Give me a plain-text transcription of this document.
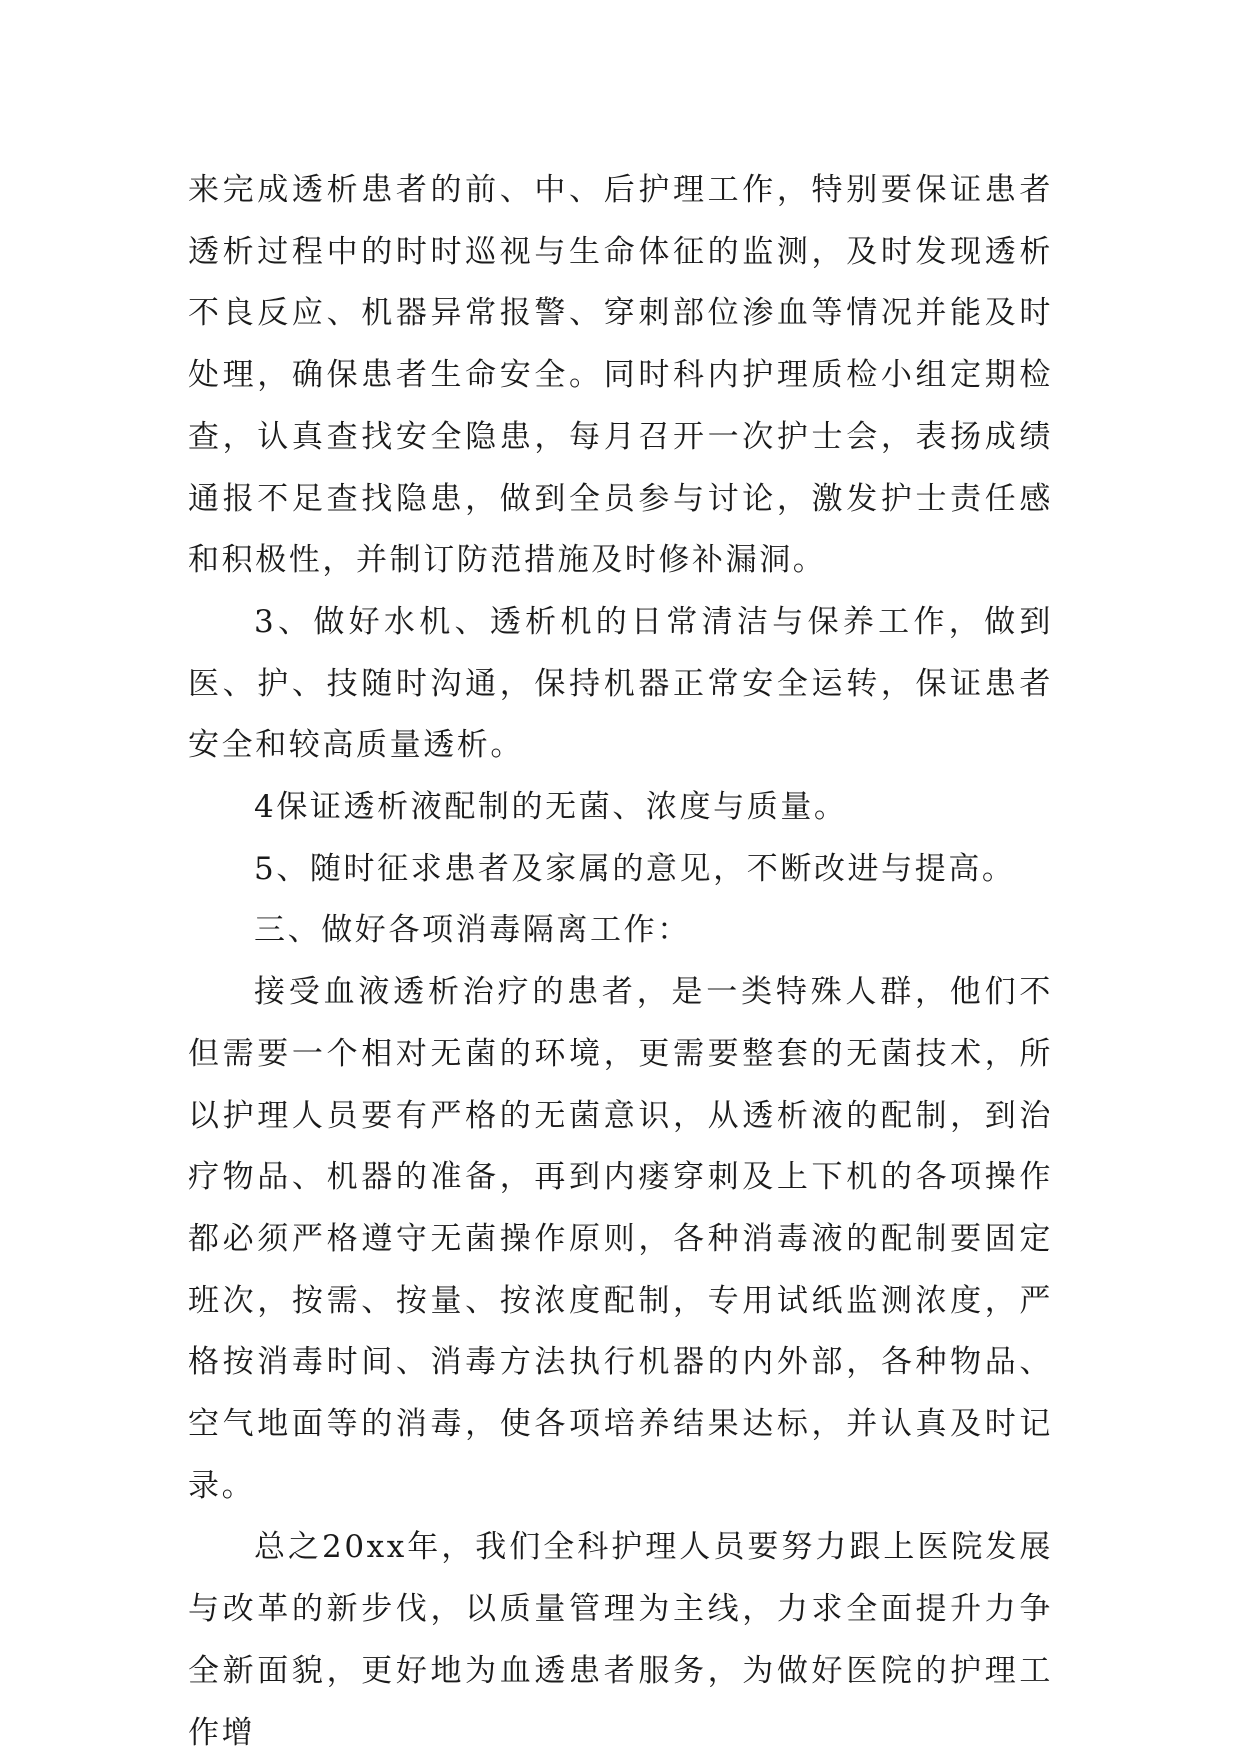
来完成透析患者的前、中、后护理工作，特别要保证患者透析过程中的时时巡视与生命体征的监测，及时发现透析不良反应、机器异常报警、穿刺部位渗血等情况并能及时处理，确保患者生命安全。同时科内护理质检小组定期检查，认真查找安全隐患，每月召开一次护士会，表扬成绩通报不足查找隐患，做到全员参与讨论，激发护士责任感和积极性，并制订防范措施及时修补漏洞。

3、做好水机、透析机的日常清洁与保养工作，做到医、护、技随时沟通，保持机器正常安全运转，保证患者安全和较高质量透析。

4保证透析液配制的无菌、浓度与质量。

5、随时征求患者及家属的意见，不断改进与提高。

三、做好各项消毒隔离工作：

接受血液透析治疗的患者，是一类特殊人群，他们不但需要一个相对无菌的环境，更需要整套的无菌技术，所以护理人员要有严格的无菌意识，从透析液的配制，到治疗物品、机器的准备，再到内瘘穿刺及上下机的各项操作都必须严格遵守无菌操作原则，各种消毒液的配制要固定班次，按需、按量、按浓度配制，专用试纸监测浓度，严格按消毒时间、消毒方法执行机器的内外部，各种物品、空气地面等的消毒，使各项培养结果达标，并认真及时记录。

总之20xx年，我们全科护理人员要努力跟上医院发展与改革的新步伐，以质量管理为主线，力求全面提升力争全新面貌，更好地为血透患者服务，为做好医院的护理工作增
